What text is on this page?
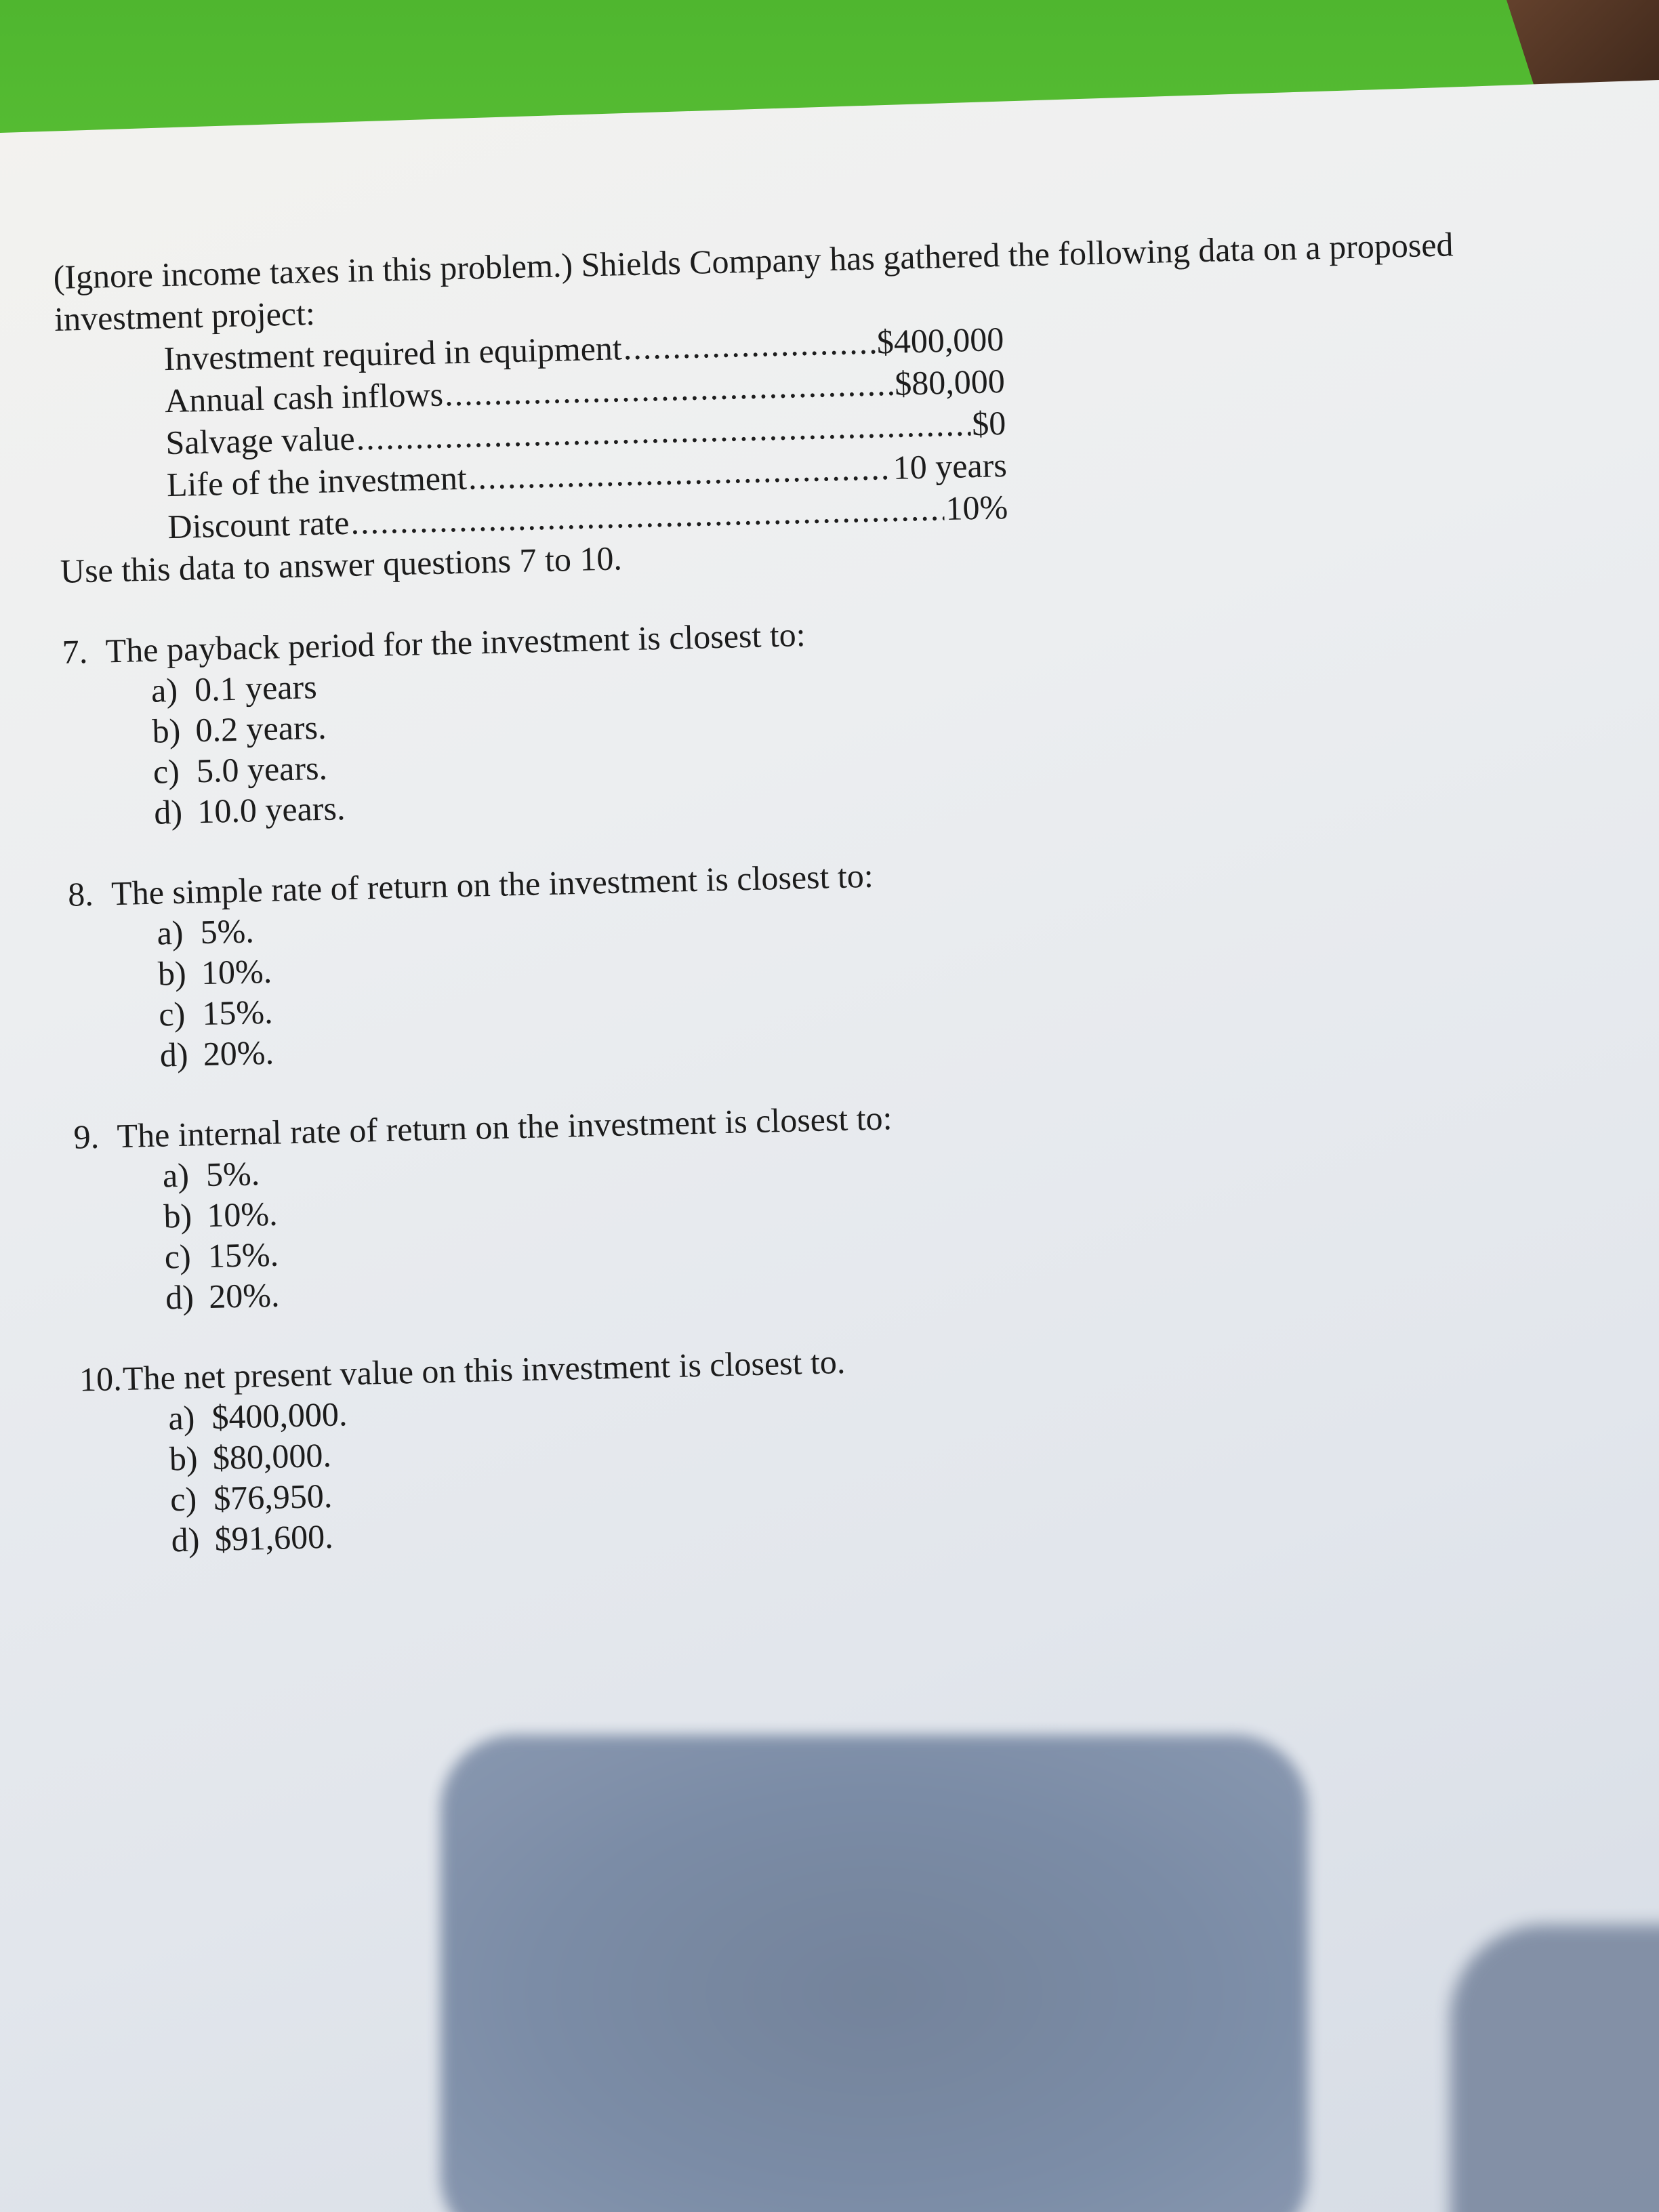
(Ignore income taxes in this problem.) Shields Company has gathered the following data on a proposed
investment project:

Investment required in equipment .....	$400,000
Annual cash inflows .....	$80,000
Salvage value .....	$0
Life of the investment .....	10 years
Discount rate .....	10%

Use this data to answer questions 7 to 10.

7. The payback period for the investment is closest to:
a) 0.1 years
b) 0.2 years.
c) 5.0 years.
d) 10.0 years.
8. The simple rate of return on the investment is closest to:
a) 5%.
b) 10%.
c) 15%.
d) 20%.
9. The internal rate of return on the investment is closest to:
a) 5%.
b) 10%.
c) 15%.
d) 20%.
10. The net present value on this investment is closest to.
a) $400,000.
b) $80,000.
c) $76,950.
d) $91,600.
